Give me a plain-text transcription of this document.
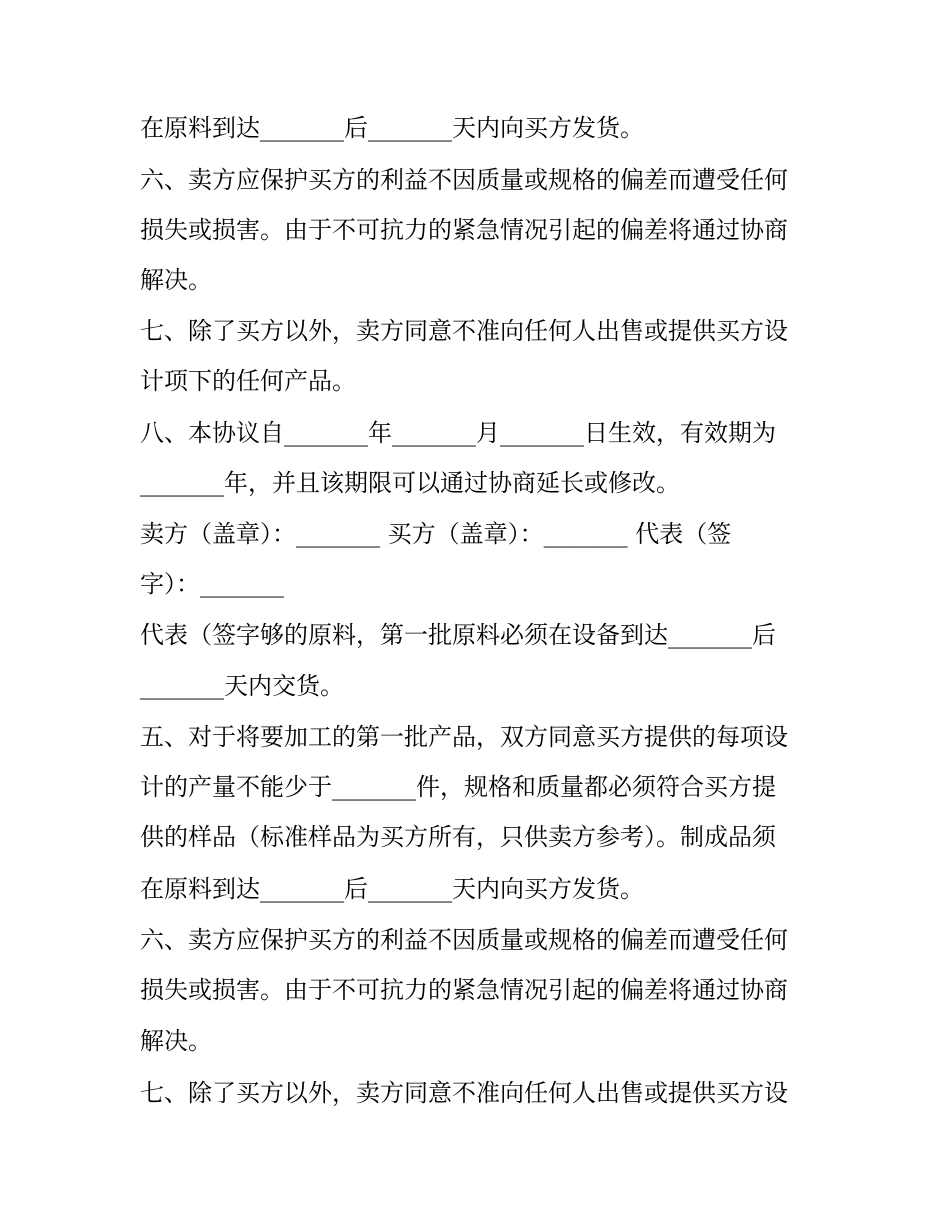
在原料到达_______后_______天内向买方发货。

六、卖方应保护买方的利益不因质量或规格的偏差而遭受任何

损失或损害。由于不可抗力的紧急情况引起的偏差将通过协商

解决。

七、除了买方以外，卖方同意不准向任何人出售或提供买方设

计项下的任何产品。

八、本协议自_______年_______月_______日生效，有效期为

_______年，并且该期限可以通过协商延长或修改。

卖方（盖章）：_______ 买方（盖章）：_______ 代表（签

字）：_______

代表（签字够的原料，第一批原料必须在设备到达_______后

_______天内交货。

五、对于将要加工的第一批产品，双方同意买方提供的每项设

计的产量不能少于_______件，规格和质量都必须符合买方提

供的样品（标准样品为买方所有，只供卖方参考）。制成品须

在原料到达_______后_______天内向买方发货。

六、卖方应保护买方的利益不因质量或规格的偏差而遭受任何

损失或损害。由于不可抗力的紧急情况引起的偏差将通过协商

解决。

七、除了买方以外，卖方同意不准向任何人出售或提供买方设
